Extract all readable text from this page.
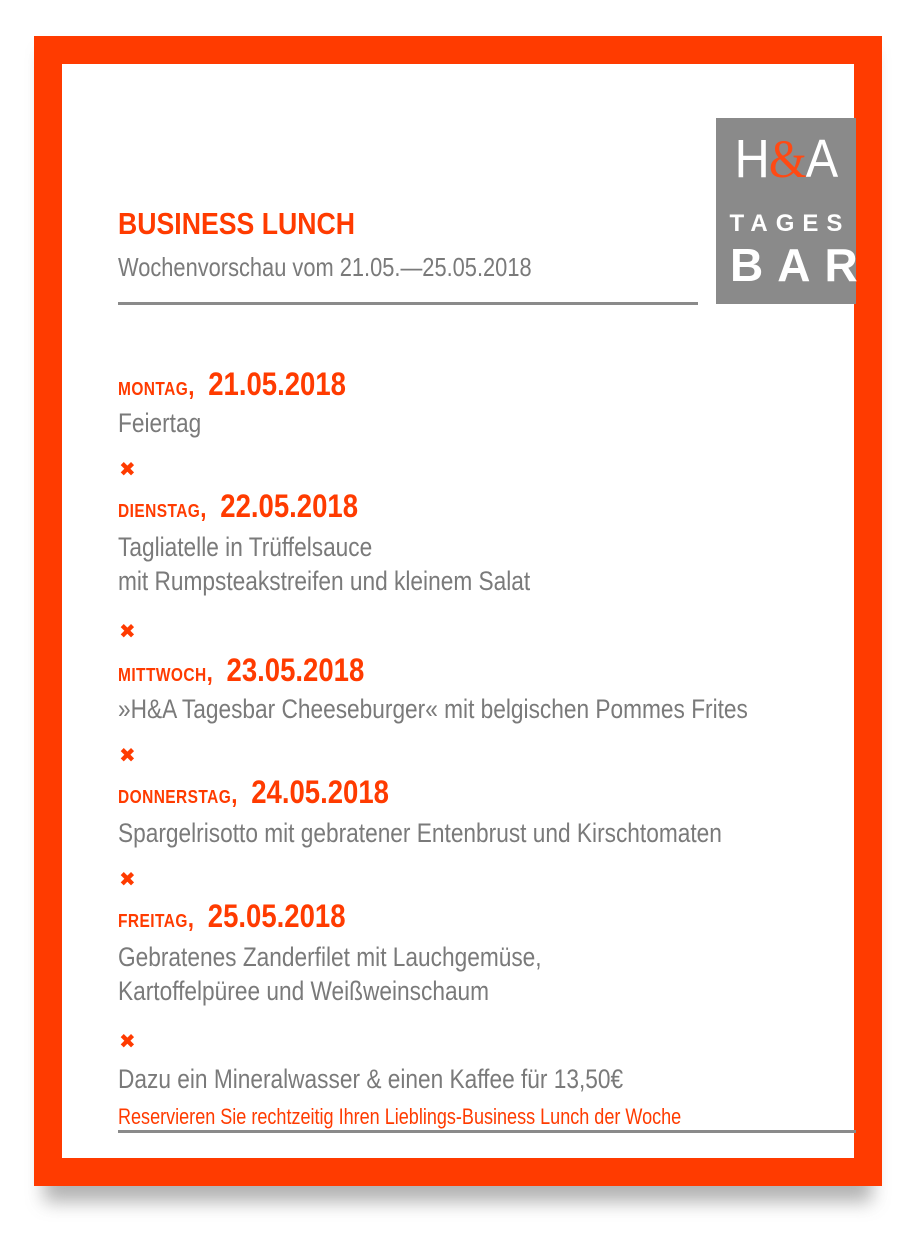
H&A
TAGES
BAR
BUSINESS LUNCH
Wochenvorschau vom 21.05.—25.05.2018
MONTAG, 21.05.2018
Feiertag
✖
DIENSTAG, 22.05.2018
Tagliatelle in Trüffelsauce
mit Rumpsteakstreifen und kleinem Salat
✖
MITTWOCH, 23.05.2018
»H&A Tagesbar Cheeseburger« mit belgischen Pommes Frites
✖
DONNERSTAG, 24.05.2018
Spargelrisotto mit gebratener Entenbrust und Kirschtomaten
✖
FREITAG, 25.05.2018
Gebratenes Zanderfilet mit Lauchgemüse,
Kartoffelpüree und Weißweinschaum
✖
Dazu ein Mineralwasser & einen Kaffee für 13,50€
Reservieren Sie rechtzeitig Ihren Lieblings-Business Lunch der Woche
